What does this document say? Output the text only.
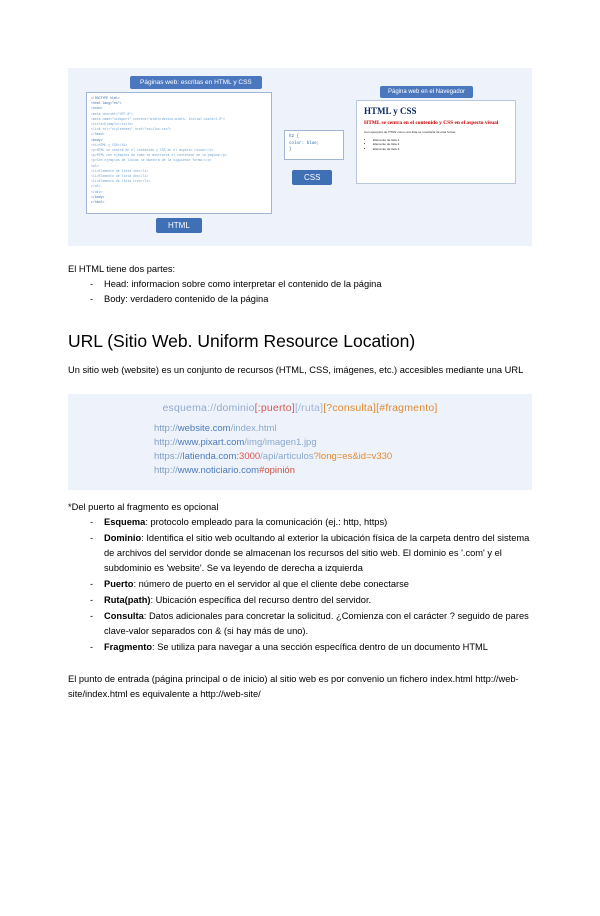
Páginas web: escritas en HTML y CSS
<!DOCTYPE html>
<html lang="es">
<head>
<meta charset="UTF-8">
<meta name="viewport" content="width=device-width, initial-scale=1.0">
<title>Ejemplo</title>
<link rel="stylesheet" href="estilos.css">
</head>
<body>
<h1>HTML y CSS</h1>
<p>HTML se centra en el contenido y CSS en el aspecto visual</p>
<p>HTML con ejemplos de como se mostraría el contenido de la pagina</p>
<p>Con ejemplos de listas se muestra de la siguiente forma:</p>
<ul>
<li>Elemento de lista uno</li>
<li>Elemento de lista dos</li>
<li>Elemento de lista tres</li>
</ul>
</div>
</body>
</html>
HTML
h2 {
color: blue;
}
CSS
Página web en el Navegador
HTML y CSS
HTML se centra en el contenido y CSS en el aspecto visual
Con ejemplos de HTML como una lista se mostraría de esta forma,
• Elemento de lista 1
• Elemento de lista 2
• Elemento de lista 3

El HTML tiene dos partes:

- Head: informacion sobre como interpretar el contenido de la página
- Body: verdadero contenido de la página
URL (Sitio Web. Uniform Resource Location)

Un sitio web (website) es un conjunto de recursos (HTML, CSS, imágenes, etc.) accesibles mediante una URL

esquema://dominio[:puerto][/ruta][?consulta][#fragmento]
http://website.com/index.html
http://www.pixart.com/img/imagen1.jpg
https://latienda.com:3000/api/articulos?long=es&id=v330
http://www.noticiario.com#opinión

*Del puerto al fragmento es opcional

- Esquema: protocolo empleado para la comunicación (ej.: http, https)
- Dominio: Identifica el sitio web ocultando al exterior la ubicación física de la carpeta dentro del sistema de archivos del servidor donde se almacenan los recursos del sitio web. El dominio es '.com' y el subdominio es 'website'. Se va leyendo de derecha a izquierda
- Puerto: número de puerto en el servidor al que el cliente debe conectarse
- Ruta(path): Ubicación específica del recurso dentro del servidor.
- Consulta: Datos adicionales para concretar la solicitud. ¿Comienza con el carácter ? seguido de pares clave-valor separados con & (si hay más de uno).
- Fragmento: Se utiliza para navegar a una sección específica dentro de un documento HTML

El punto de entrada (página principal o de inicio) al sitio web es por convenio un fichero index.html http://web-site/index.html es equivalente a http://web-site/
